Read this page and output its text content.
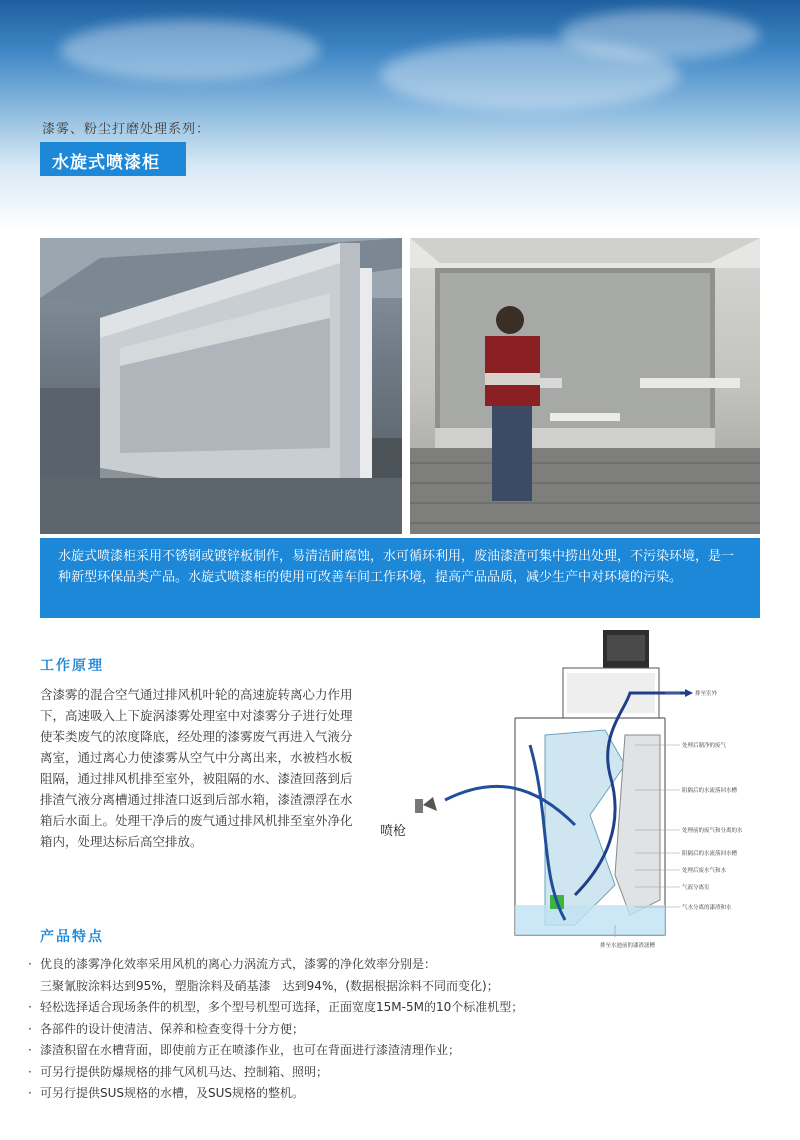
漆雾、粉尘打磨处理系列：
水旋式喷漆柜
水旋式喷漆柜采用不锈钢或镀锌板制作，易清洁耐腐蚀，水可循环利用，废油漆渣可集中捞出处理，不污染环境，是一种新型环保品类产品。水旋式喷漆柜的使用可改善车间工作环境，提高产品品质，减少生产中对环境的污染。
工作原理
含漆雾的混合空气通过排风机叶轮的高速旋转离心力作用下，高速吸入上下旋涡漆雾处理室中对漆雾分子进行处理使苯类废气的浓度降底，经处理的漆雾废气再进入气液分离室，通过离心力使漆雾从空气中分离出来，水被档水板阻隔，通过排风机排至室外，被阻隔的水、漆渣回落到后排渣气液分离槽通过排渣口返到后部水箱，漆渣漂浮在水箱后水面上。处理干净后的废气通过排风机排至室外净化箱内，处理达标后高空排放。
喷枪
排至室外
处理后制净的废气
阻隔后的水流落回水槽
处理前的废气和分离的水
阻隔后的水流落回水槽
处理后废水气和水
气液分离室
气水分离的漆渣和水
排至水池前的漆渣滤槽
产品特点
· 优良的漆雾净化效率采用风机的离心力涡流方式，漆雾的净化效率分别是：
三聚氰胺涂料达到95%，塑脂涂料及硝基漆　达到94%，(数据根据涂料不同而变化)；
· 轻松选择适合现场条件的机型，多个型号机型可选择，正面宽度15M-5M的10个标准机型；
· 各部件的设计使清洁、保养和检查变得十分方便；
· 漆渣积留在水槽背面，即使前方正在喷漆作业，也可在背面进行漆渣清理作业；
· 可另行提供防爆规格的排气风机马达、控制箱、照明；
· 可另行提供SUS规格的水槽，及SUS规格的整机。
